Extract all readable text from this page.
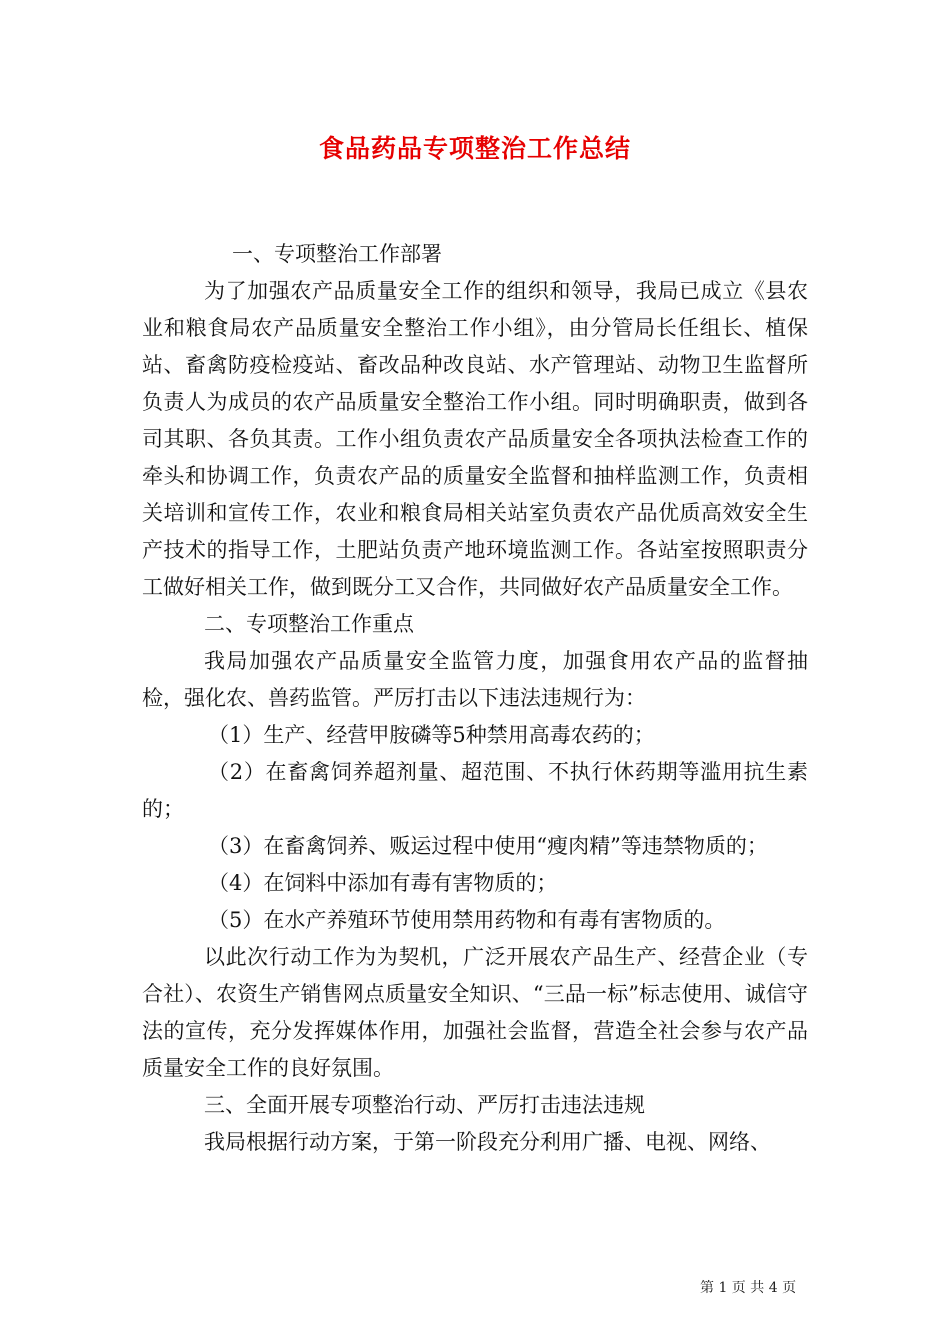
食品药品专项整治工作总结

一、专项整治工作部署

为了加强农产品质量安全工作的组织和领导，我局已成立《县农业和粮食局农产品质量安全整治工作小组》，由分管局长任组长、植保站、畜禽防疫检疫站、畜改品种改良站、水产管理站、动物卫生监督所负责人为成员的农产品质量安全整治工作小组。同时明确职责，做到各司其职、各负其责。工作小组负责农产品质量安全各项执法检查工作的牵头和协调工作，负责农产品的质量安全监督和抽样监测工作，负责相关培训和宣传工作，农业和粮食局相关站室负责农产品优质高效安全生产技术的指导工作，土肥站负责产地环境监测工作。各站室按照职责分工做好相关工作，做到既分工又合作，共同做好农产品质量安全工作。

二、专项整治工作重点

我局加强农产品质量安全监管力度，加强食用农产品的监督抽检，强化农、兽药监管。严厉打击以下违法违规行为：

（1）生产、经营甲胺磷等5种禁用高毒农药的；

（2）在畜禽饲养超剂量、超范围、不执行休药期等滥用抗生素的；

（3）在畜禽饲养、贩运过程中使用“瘦肉精”等违禁物质的；

（4）在饲料中添加有毒有害物质的；

（5）在水产养殖环节使用禁用药物和有毒有害物质的。

以此次行动工作为为契机，广泛开展农产品生产、经营企业（专合社）、农资生产销售网点质量安全知识、“三品一标”标志使用、诚信守法的宣传，充分发挥媒体作用，加强社会监督，营造全社会参与农产品质量安全工作的良好氛围。

三、全面开展专项整治行动、严厉打击违法违规

我局根据行动方案，于第一阶段充分利用广播、电视、网络、

第 1 页 共 4 页
